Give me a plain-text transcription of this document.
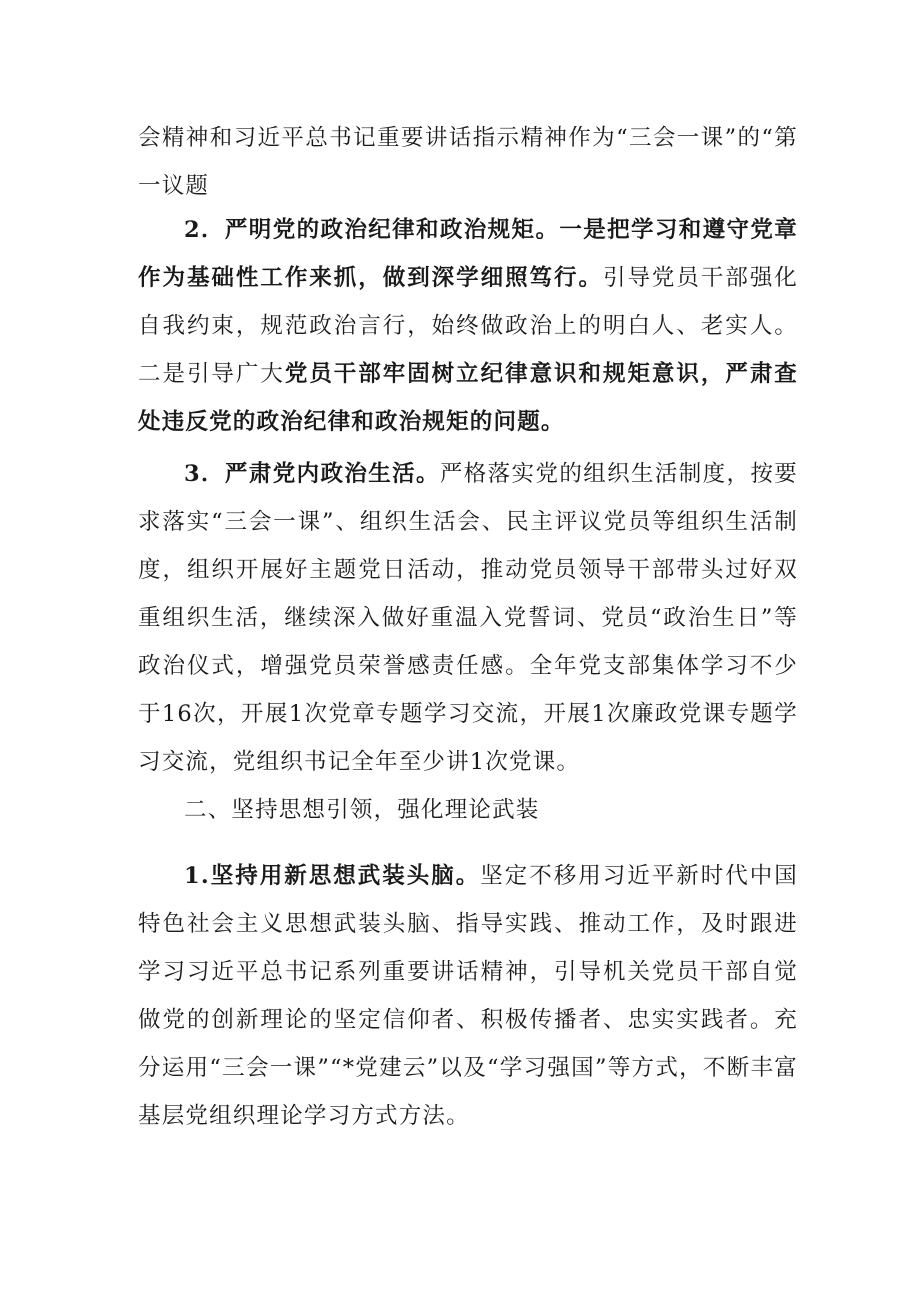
会精神和习近平总书记重要讲话指示精神作为“三会一课”的“第一议题

2．严明党的政治纪律和政治规矩。一是把学习和遵守党章作为基础性工作来抓，做到深学细照笃行。引导党员干部强化自我约束，规范政治言行，始终做政治上的明白人、老实人。二是引导广大党员干部牢固树立纪律意识和规矩意识，严肃查处违反党的政治纪律和政治规矩的问题。

3．严肃党内政治生活。严格落实党的组织生活制度，按要求落实“三会一课”、组织生活会、民主评议党员等组织生活制度，组织开展好主题党日活动，推动党员领导干部带头过好双重组织生活，继续深入做好重温入党誓词、党员“政治生日”等政治仪式，增强党员荣誉感责任感。全年党支部集体学习不少于16次，开展1次党章专题学习交流，开展1次廉政党课专题学习交流，党组织书记全年至少讲1次党课。

二、坚持思想引领，强化理论武装

1.坚持用新思想武装头脑。坚定不移用习近平新时代中国特色社会主义思想武装头脑、指导实践、推动工作，及时跟进学习习近平总书记系列重要讲话精神，引导机关党员干部自觉做党的创新理论的坚定信仰者、积极传播者、忠实实践者。充分运用“三会一课”“*党建云”以及“学习强国”等方式，不断丰富基层党组织理论学习方式方法。
